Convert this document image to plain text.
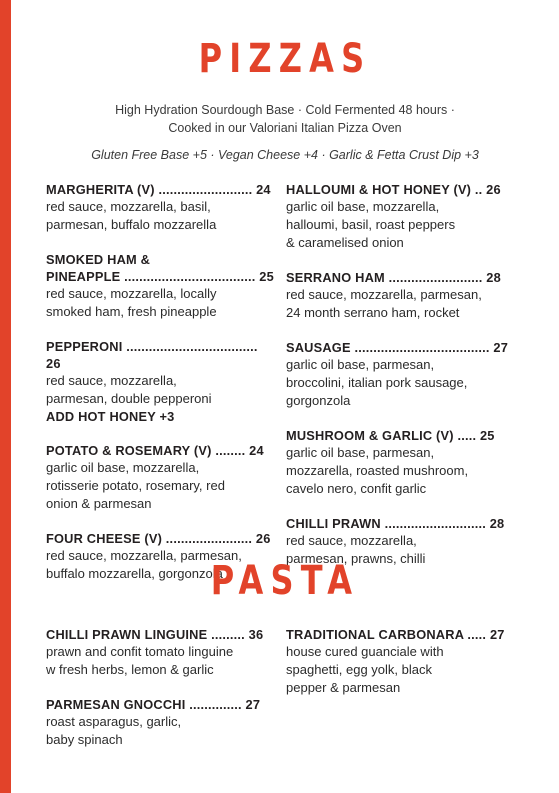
PIZZAS
High Hydration Sourdough Base · Cold Fermented 48 hours ·
Cooked in our Valoriani Italian Pizza Oven
Gluten Free Base +5 · Vegan Cheese +4 · Garlic & Fetta Crust Dip +3
MARGHERITA (V) ......................... 24
red sauce, mozzarella, basil,
parmesan, buffalo mozzarella
SMOKED HAM &
PINEAPPLE ................................... 25
red sauce, mozzarella, locally
smoked ham, fresh pineapple
PEPPERONI ................................... 26
red sauce, mozzarella,
parmesan, double pepperoni
ADD HOT HONEY +3
POTATO & ROSEMARY (V) ........ 24
garlic oil base, mozzarella,
rotisserie potato, rosemary, red
onion & parmesan
FOUR CHEESE (V) ....................... 26
red sauce, mozzarella, parmesan,
buffalo mozzarella, gorgonzola
HALLOUMI & HOT HONEY (V) .. 26
garlic oil base, mozzarella,
halloumi, basil, roast peppers
& caramelised onion
SERRANO HAM ......................... 28
red sauce, mozzarella, parmesan,
24 month serrano ham, rocket
SAUSAGE .................................... 27
garlic oil base, parmesan,
broccolini, italian pork sausage,
gorgonzola
MUSHROOM & GARLIC (V) ..... 25
garlic oil base, parmesan,
mozzarella, roasted mushroom,
cavelo nero, confit garlic
CHILLI PRAWN ........................... 28
red sauce, mozzarella,
parmesan, prawns, chilli
PASTA
CHILLI PRAWN LINGUINE ......... 36
prawn and confit tomato linguine
w fresh herbs, lemon & garlic
PARMESAN GNOCCHI .............. 27
roast asparagus, garlic,
baby spinach
TRADITIONAL CARBONARA ..... 27
house cured guanciale with
spaghetti, egg yolk, black
pepper & parmesan
